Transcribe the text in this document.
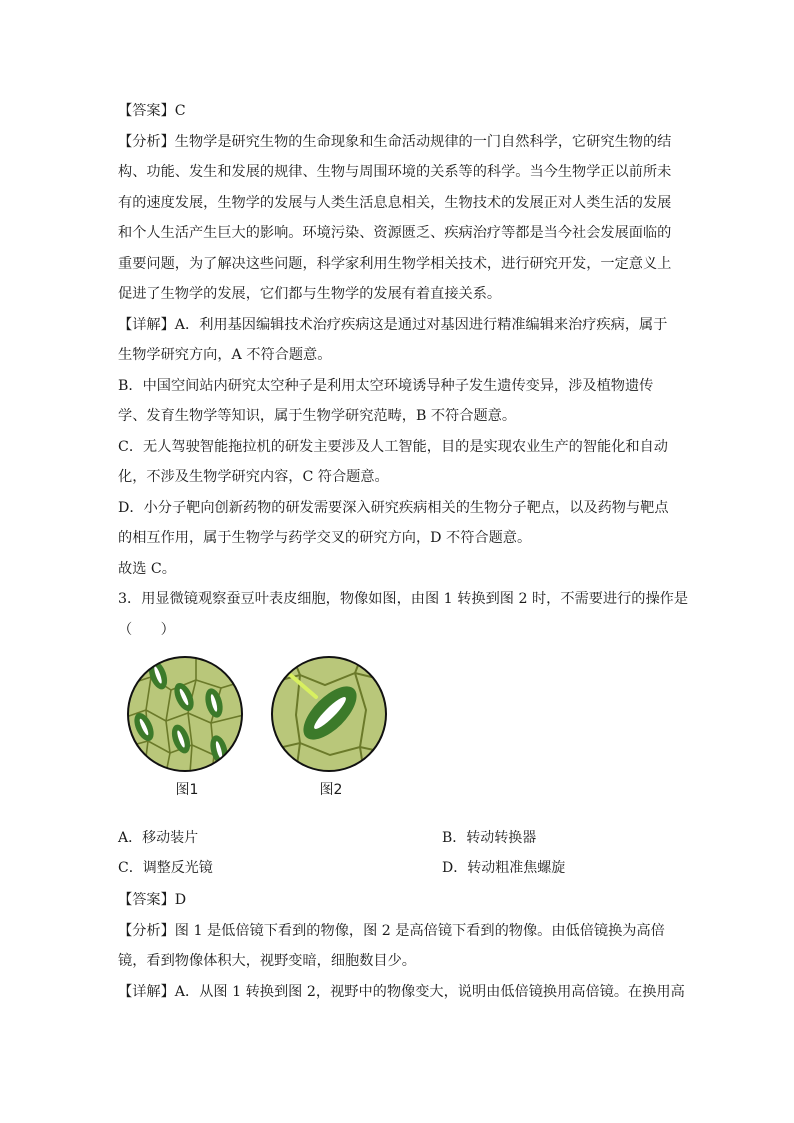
【答案】C

【分析】生物学是研究生物的生命现象和生命活动规律的一门自然科学，它研究生物的结

构、功能、发生和发展的规律、生物与周围环境的关系等的科学。当今生物学正以前所未

有的速度发展，生物学的发展与人类生活息息相关，生物技术的发展正对人类生活的发展

和个人生活产生巨大的影响。环境污染、资源匮乏、疾病治疗等都是当今社会发展面临的

重要问题，为了解决这些问题，科学家利用生物学相关技术，进行研究开发，一定意义上

促进了生物学的发展，它们都与生物学的发展有着直接关系。

【详解】A．利用基因编辑技术治疗疾病这是通过对基因进行精准编辑来治疗疾病，属于

生物学研究方向，A 不符合题意。

B．中国空间站内研究太空种子是利用太空环境诱导种子发生遗传变异，涉及植物遗传

学、发育生物学等知识，属于生物学研究范畴，B 不符合题意。

C．无人驾驶智能拖拉机的研发主要涉及人工智能，目的是实现农业生产的智能化和自动

化，不涉及生物学研究内容，C 符合题意。

D．小分子靶向创新药物的研发需要深入研究疾病相关的生物分子靶点，以及药物与靶点

的相互作用，属于生物学与药学交叉的研究方向，D 不符合题意。

故选 C。

3．用显微镜观察蚕豆叶表皮细胞，物像如图，由图 1 转换到图 2 时，不需要进行的操作是

（　　）

图1	图2
A．移动装片	B．转动转换器
C．调整反光镜	D．转动粗准焦螺旋

【答案】D

【分析】图 1 是低倍镜下看到的物像，图 2 是高倍镜下看到的物像。由低倍镜换为高倍

镜，看到物像体积大，视野变暗，细胞数目少。

【详解】A．从图 1 转换到图 2，视野中的物像变大，说明由低倍镜换用高倍镜。在换用高
